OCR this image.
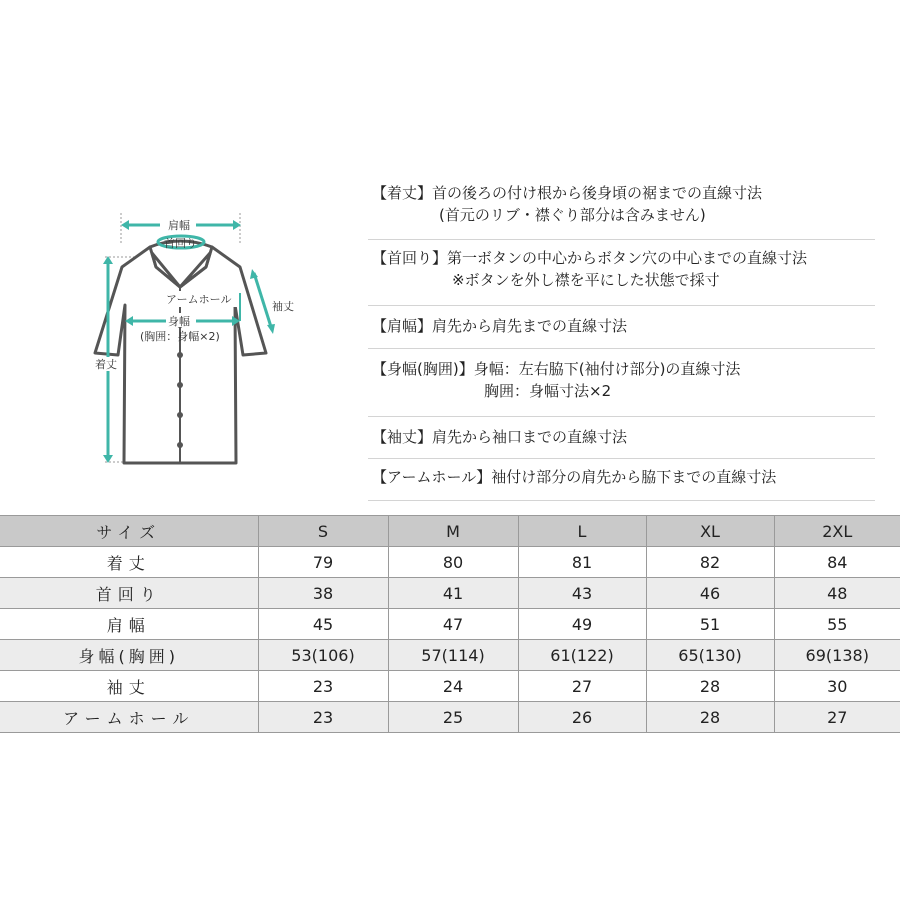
肩幅
首回り
アームホール
袖丈
身幅
(胸囲：身幅×2)
着丈
【着丈】首の後ろの付け根から後身頃の裾までの直線寸法
(首元のリブ・襟ぐり部分は含みません)
【首回り】第一ボタンの中心からボタン穴の中心までの直線寸法
※ボタンを外し襟を平にした状態で採寸
【肩幅】肩先から肩先までの直線寸法
【身幅(胸囲)】身幅：左右脇下(袖付け部分)の直線寸法
胸囲：身幅寸法×2
【袖丈】肩先から袖口までの直線寸法
【アームホール】袖付け部分の肩先から脇下までの直線寸法
サイズ	S	M	L	XL	2XL
着丈	79	80	81	82	84
首回り	38	41	43	46	48
肩幅	45	47	49	51	55
身幅(胸囲)	53(106)	57(114)	61(122)	65(130)	69(138)
袖丈	23	24	27	28	30
アームホール	23	25	26	28	27
